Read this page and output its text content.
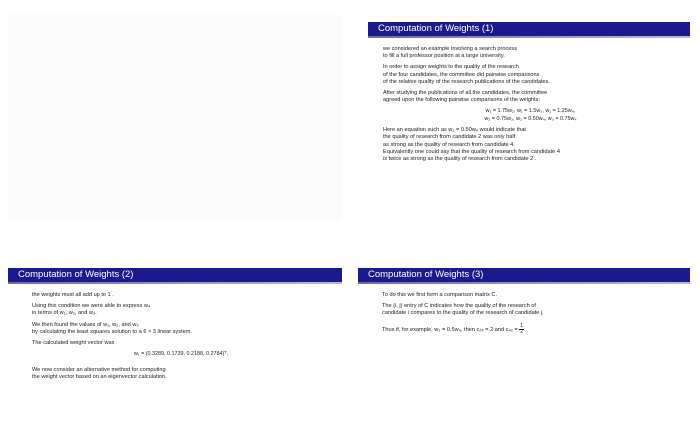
Computation of Weights (1)

we considered an example involving a search process
to fill a full professor position at a large university.

In order to assign weights to the quality of the research
of the four candidates, the committee did pairwise comparisons
of the relative quality of the research publications of the candidates.

After studying the publications of all the candidates, the committee
agreed upon the following pairwise comparisons of the weights:

w₁ = 1.75w₂, w₁ = 1.5w₃, w₁ = 1.25w₄,
w₂ = 0.75w₃, w₂ = 0.50w₄, w₃ = 0.75w₄

Here an equation such as w₂ = 0.50w₄ would indicate that
the quality of research from candidate 2 was only half
as strong as the quality of research from candidate 4.
Equivalently one could say that the quality of research from candidate 4
is twice as strong as the quality of research from candidate 2 .

Computation of Weights (2)

the weights must all add up to 1 .

Using this condition we were able to express w₄
in terms of w₁, w₂, and w₃.

We then found the values of w₁, w₂, and w₃
by calculating the least squares solution to a 6 × 3 linear system.

The calculated weight vector was

w₁ = (0.3289, 0.1739, 0.2188, 0.2784)ᵀ.

We now consider an alternative method for computing
the weight vector based on an eigenvector calculation.

Computation of Weights (3)

To do this we first form a comparison matrix C.

The (i, j) entry of C indicates how the quality of the research of
candidate i compares to the quality of the research of candidate j.

Thus if, for example, w₂ = 0.5w₄, then c₂₄ = 2 and $c_{42} = \frac{1}{2}$ .
